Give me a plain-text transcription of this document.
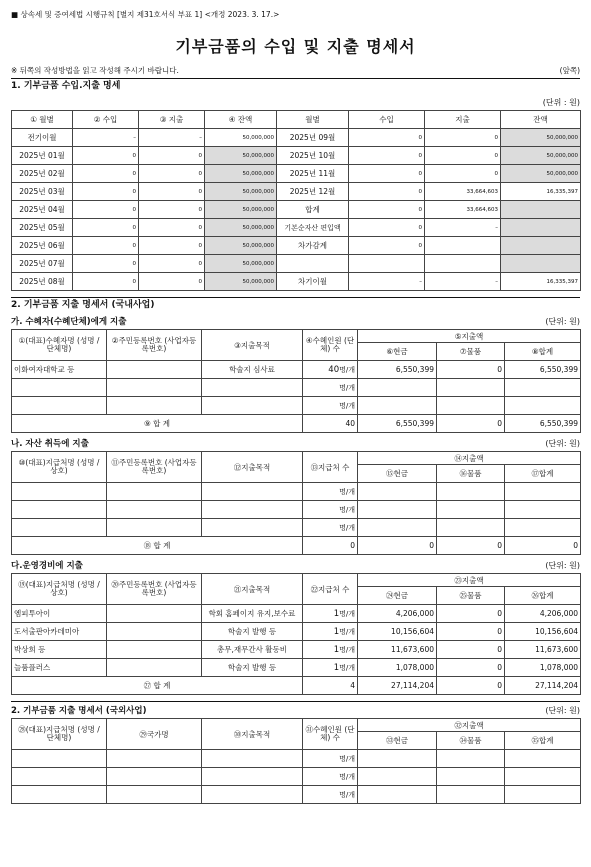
■ 상속세 및 증여세법 시행규칙 [별지 제31호서식 부표 1] <개정 2023. 3. 17.>
기부금품의 수입 및 지출 명세서
※ 뒤쪽의 작성방법을 읽고 작성해 주시기 바랍니다.	(앞쪽)
1. 기부금품 수입.지출 명세
(단위 : 원)
① 월별	② 수입	③ 지출	④ 잔액	월별	수입	지출	잔액
전기이월	–	–	50,000,000	2025년 09월	0	0	50,000,000
2025년 01월	0	0	50,000,000	2025년 10월	0	0	50,000,000
2025년 02월	0	0	50,000,000	2025년 11월	0	0	50,000,000
2025년 03월	0	0	50,000,000	2025년 12월	0	33,664,603	16,335,397
2025년 04월	0	0	50,000,000	합계	0	33,664,603	
2025년 05월	0	0	50,000,000	기본순자산 편입액	0	–	
2025년 06월	0	0	50,000,000	차가감계	0		
2025년 07월	0	0	50,000,000				
2025년 08월	0	0	50,000,000	차기이월	–	–	16,335,397
2. 기부금품 지출 명세서 (국내사업)
가. 수혜자(수혜단체)에게 지출	(단위: 원)
①(대표)수혜자명 (성명 / 단체명)	②주민등록번호 (사업자등록번호)	③지출목적	④수혜인원 (단체) 수	⑤지출액		
				⑥현금	⑦물품	⑧합계
이화여자대학교 등		학술지 심사료	40명/개	6,550,399	0	6,550,399
			명/개			
			명/개			
⑨ 합 계			40	6,550,399	0	6,550,399
나. 자산 취득에 지출	(단위: 원)
⑩(대표)지급처명 (성명 / 상호)	⑪주민등록번호 (사업자등록번호)	⑫지출목적	⑬지급처 수	⑭지출액		
				⑮현금	⑯물품	⑰합계
			명/개			
			명/개			
			명/개			
⑱ 합 계			0	0	0	0
다.운영경비에 지출	(단위: 원)
⑲(대표)지급처명 (성명 / 상호)	⑳주민등록번호 (사업자등록번호)	㉑지출목적	㉒지급처 수	㉓지출액		
				㉔현금	㉕물품	㉖합계
엠피투아이		학회 홈페이지 유지,보수료	1명/개	4,206,000	0	4,206,000
도서출판아카데미아		학술지 발행 등	1명/개	10,156,604	0	10,156,604
박상희 등		총무,재무간사 활동비	1명/개	11,673,600	0	11,673,600
늘품플러스		학술지 발행 등	1명/개	1,078,000	0	1,078,000
㉗ 합 계			4	27,114,204	0	27,114,204
2. 기부금품 지출 명세서 (국외사업)	(단위: 원)
㉘(대표)지급처명 (성명 / 단체명)	㉙국가명	㉚지출목적	㉛수혜인원 (단체) 수	㉜지출액		
				㉝현금	㉞물품	㉟합계
			명/개			
			명/개			
			명/개			
